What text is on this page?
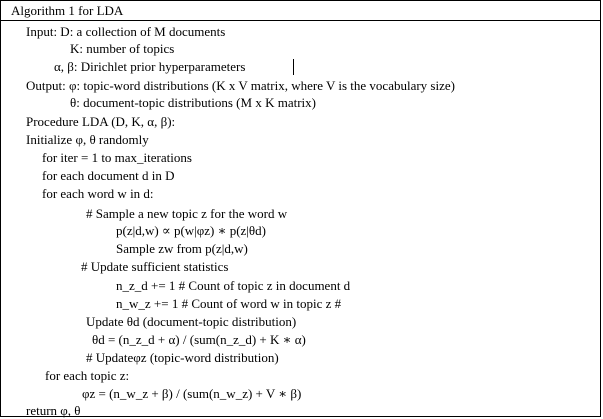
Algorithm 1 for LDA
Input: D: a collection of M documents
K: number of topics
α, β: Dirichlet prior hyperparameters
Output: φ: topic-word distributions (K x V matrix, where V is the vocabulary size)
θ: document-topic distributions (M x K matrix)
Procedure LDA (D, K, α, β):
Initialize φ, θ randomly
for iter = 1 to max_iterations
for each document d in D
for each word w in d:
# Sample a new topic z for the word w
p(z|d,w) ∝ p(w|φz) ∗ p(z|θd)
Sample zw from p(z|d,w)
# Update sufficient statistics
n_z_d += 1 # Count of topic z in document d
n_w_z += 1 # Count of word w in topic z #
Update θd (document-topic distribution)
θd = (n_z_d + α) / (sum(n_z_d) + K ∗ α)
# Updateφz (topic-word distribution)
for each topic z:
φz = (n_w_z + β) / (sum(n_w_z) + V ∗ β)
return φ, θ
